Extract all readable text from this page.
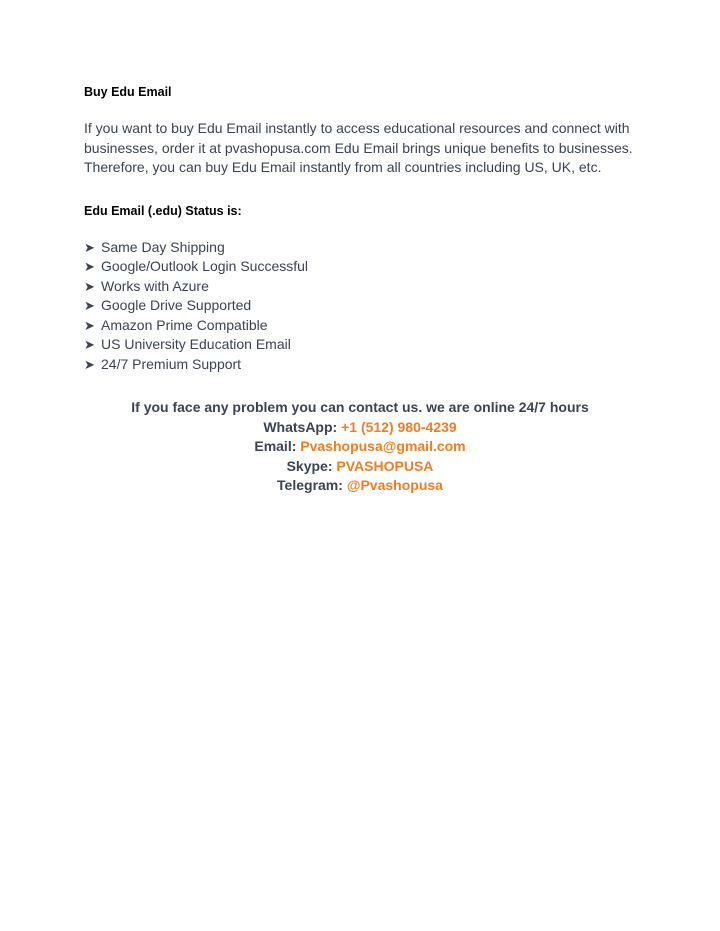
Buy Edu Email

If you want to buy Edu Email instantly to access educational resources and connect with businesses, order it at pvashopusa.com Edu Email brings unique benefits to businesses. Therefore, you can buy Edu Email instantly from all countries including US, UK, etc.

Edu Email (.edu) Status is:

➤ Same Day Shipping
➤ Google/Outlook Login Successful
➤ Works with Azure
➤ Google Drive Supported
➤ Amazon Prime Compatible
➤ US University Education Email
➤ 24/7 Premium Support
If you face any problem you can contact us. we are online 24/7 hours
WhatsApp: +1 (512) 980-4239
Email: Pvashopusa@gmail.com
Skype: PVASHOPUSA
Telegram: @Pvashopusa
